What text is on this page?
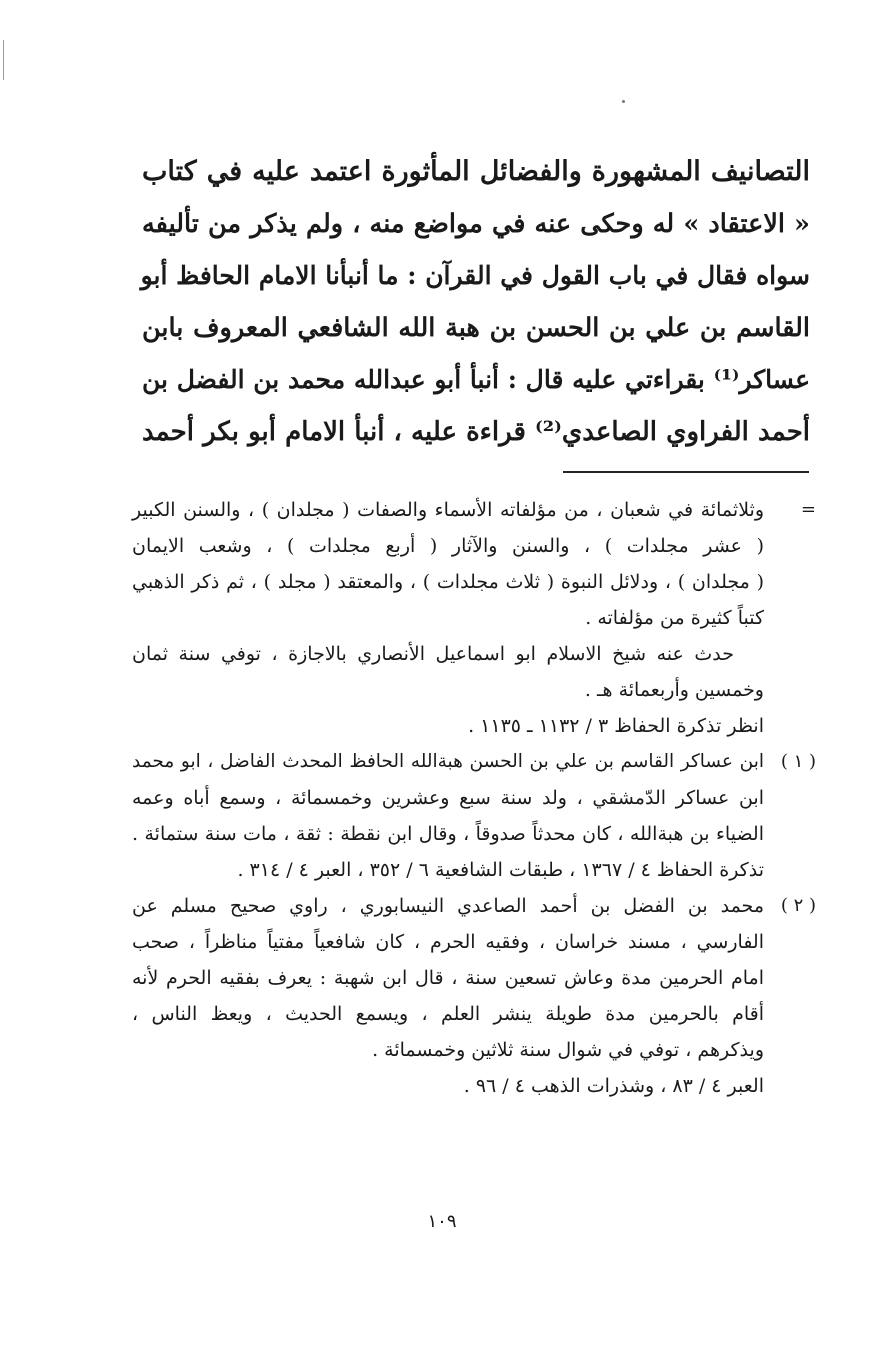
التصانيف المشهورة والفضائل المأثورة اعتمد عليه في كتاب
« الاعتقاد » له وحكى عنه في مواضع منه ، ولم يذكر من تأليفه
سواه فقال في باب القول في القرآن : ما أنبأنا الامام الحافظ أبو
القاسم بن علي بن الحسن بن هبة الله الشافعي المعروف بابن
عساكر⁽¹⁾ بقراءتي عليه قال : أنبأ أبو عبدالله محمد بن الفضل بن
أحمد الفراوي الصاعدي⁽²⁾ قراءة عليه ، أنبأ الامام أبو بكر أحمد
=
وثلاثمائة في شعبان ، من مؤلفاته الأسماء والصفات ( مجلدان ) ، والسنن الكبير
( عشر مجلدات ) ، والسنن والآثار ( أربع مجلدات ) ، وشعب الايمان
( مجلدان ) ، ودلائل النبوة ( ثلاث مجلدات ) ، والمعتقد ( مجلد ) ، ثم ذكر الذهبي
كتباً كثيرة من مؤلفاته .
حدث عنه شيخ الاسلام ابو اسماعيل الأنصاري بالاجازة ، توفي سنة ثمان
وخمسين وأربعمائة هـ .
انظر تذكرة الحفاظ ٣ / ١١٣٢ ـ ١١٣٥ .
( ١ )
ابن عساكر القاسم بن علي بن الحسن هبةالله الحافظ المحدث الفاضل ، ابو محمد
ابن عساكر الدّمشقي ، ولد سنة سبع وعشرين وخمسمائة ، وسمع أباه وعمه
الضياء بن هبةالله ، كان محدثاً صدوقاً ، وقال ابن نقطة : ثقة ، مات سنة ستمائة .
تذكرة الحفاظ ٤ / ١٣٦٧ ، طبقات الشافعية ٦ / ٣٥٢ ، العبر ٤ / ٣١٤ .
( ٢ )
محمد بن الفضل بن أحمد الصاعدي النيسابوري ، راوي صحيح مسلم عن
الفارسي ، مسند خراسان ، وفقيه الحرم ، كان شافعياً مفتياً مناظراً ، صحب
امام الحرمين مدة وعاش تسعين سنة ، قال ابن شهبة : يعرف بفقيه الحرم لأنه
أقام بالحرمين مدة طويلة ينشر العلم ، ويسمع الحديث ، ويعظ الناس ،
ويذكرهم ، توفي في شوال سنة ثلاثين وخمسمائة .
العبر ٤ / ٨٣ ، وشذرات الذهب ٤ / ٩٦ .
١٠٩
